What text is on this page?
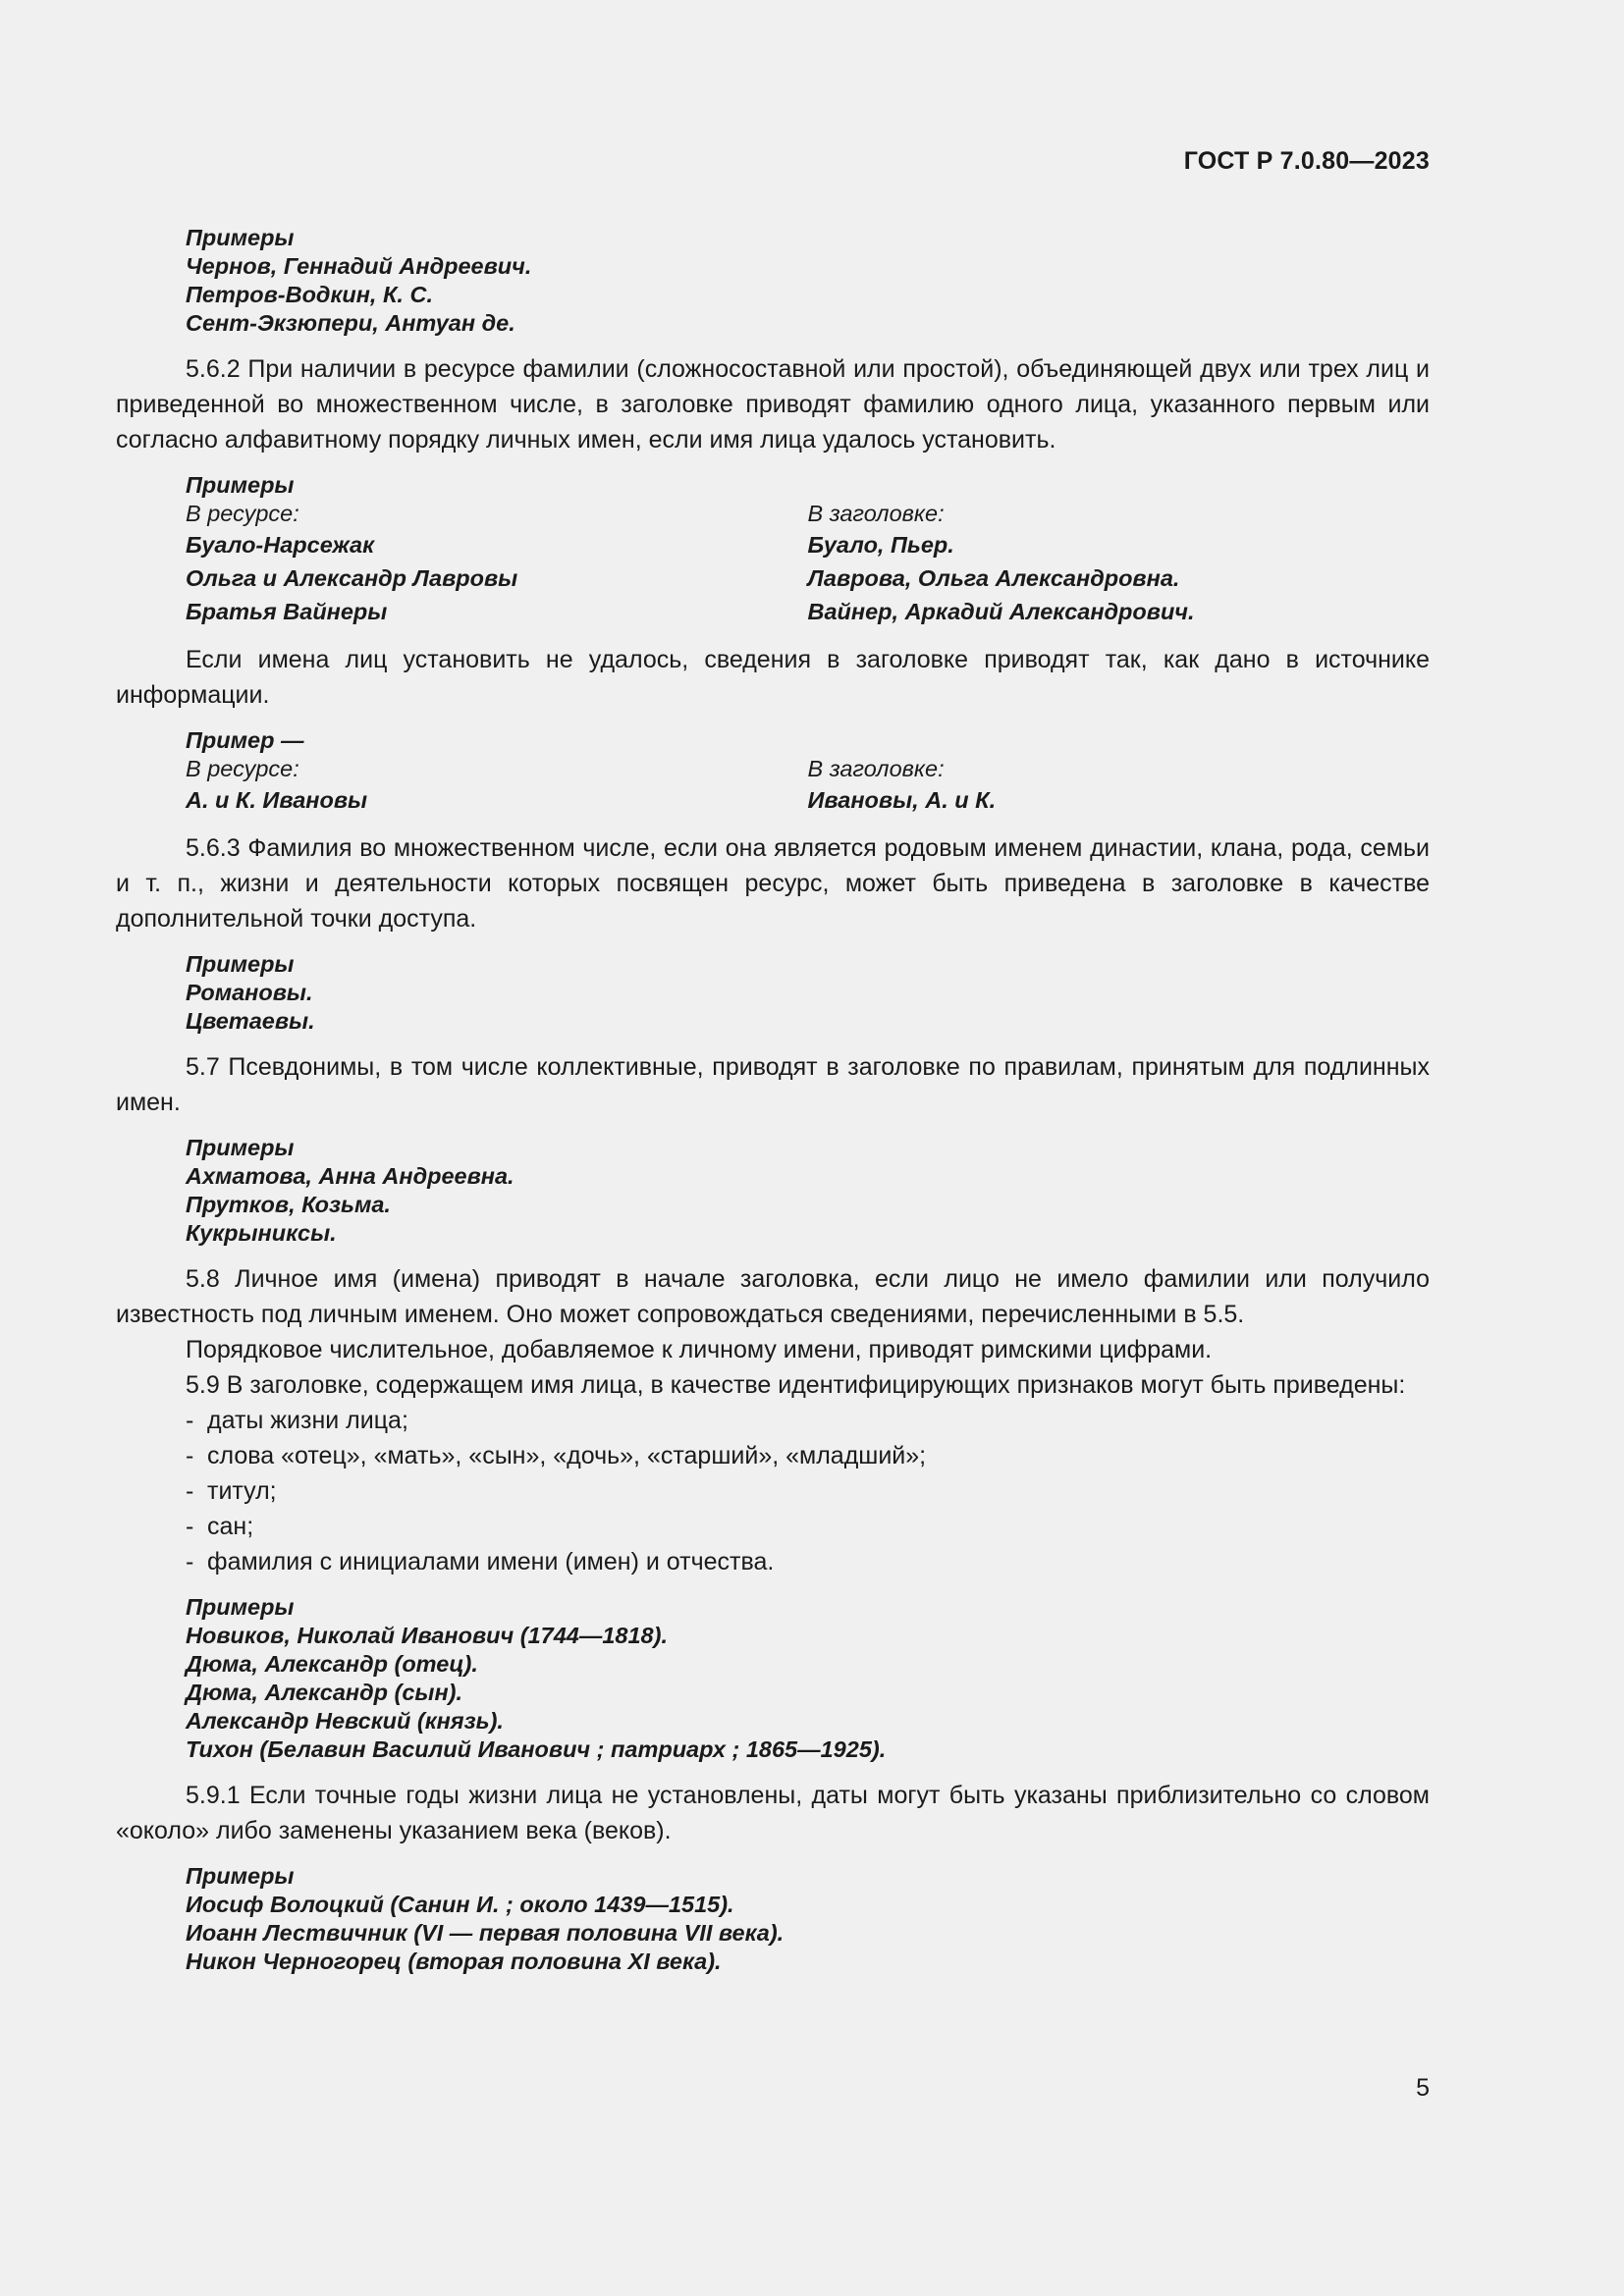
ГОСТ Р 7.0.80—2023
Примеры
Чернов, Геннадий Андреевич.
Петров-Водкин, К. С.
Сент-Экзюпери, Антуан де.

5.6.2 При наличии в ресурсе фамилии (сложносоставной или простой), объединяющей двух или трех лиц и приведенной во множественном числе, в заголовке приводят фамилию одного лица, указанного первым или согласно алфавитному порядку личных имен, если имя лица удалось установить.

Примеры
В ресурсе:
Буало-Нарсежак
Ольга и Александр Лавровы
Братья Вайнеры
В заголовке:
Буало, Пьер.
Лаврова, Ольга Александровна.
Вайнер, Аркадий Александрович.

Если имена лиц установить не удалось, сведения в заголовке приводят так, как дано в источнике информации.

Пример —
В ресурсе:
А. и К. Ивановы
В заголовке:
Ивановы, А. и К.

5.6.3 Фамилия во множественном числе, если она является родовым именем династии, клана, рода, семьи и т. п., жизни и деятельности которых посвящен ресурс, может быть приведена в заголовке в качестве дополнительной точки доступа.

Примеры
Романовы.
Цветаевы.

5.7 Псевдонимы, в том числе коллективные, приводят в заголовке по правилам, принятым для подлинных имен.

Примеры
Ахматова, Анна Андреевна.
Прутков, Козьма.
Кукрыниксы.

5.8 Личное имя (имена) приводят в начале заголовка, если лицо не имело фамилии или получило известность под личным именем. Оно может сопровождаться сведениями, перечисленными в 5.5.

Порядковое числительное, добавляемое к личному имени, приводят римскими цифрами.

5.9 В заголовке, содержащем имя лица, в качестве идентифицирующих признаков могут быть приведены:

- даты жизни лица;
- слова «отец», «мать», «сын», «дочь», «старший», «младший»;
- титул;
- сан;
- фамилия с инициалами имени (имен) и отчества.
Примеры
Новиков, Николай Иванович (1744—1818).
Дюма, Александр (отец).
Дюма, Александр (сын).
Александр Невский (князь).
Тихон (Белавин Василий Иванович ; патриарх ; 1865—1925).

5.9.1 Если точные годы жизни лица не установлены, даты могут быть указаны приблизительно со словом «около» либо заменены указанием века (веков).

Примеры
Иосиф Волоцкий (Санин И. ; около 1439—1515).
Иоанн Лествичник (VI — первая половина VII века).
Никон Черногорец (вторая половина XI века).
5
